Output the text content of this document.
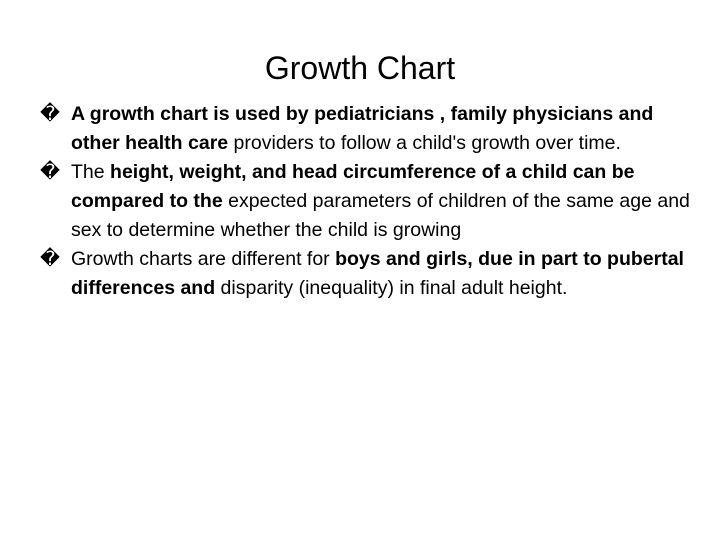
Growth Chart
� A growth chart is used by pediatricians , family physicians and other health care providers to follow a child's growth over time.
� The height, weight, and head circumference of a child can be compared to the expected parameters of children of the same age and sex to determine whether the child is growing
� Growth charts are different for boys and girls, due in part to pubertal differences and disparity (inequality) in final adult height.
